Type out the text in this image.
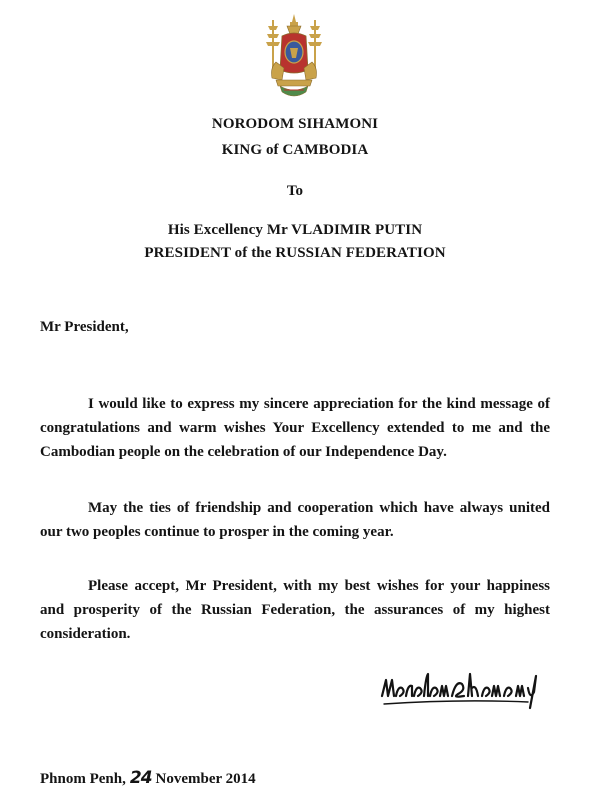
NORODOM SIHAMONI
KING of CAMBODIA
To
His Excellency Mr VLADIMIR PUTIN
PRESIDENT of the RUSSIAN FEDERATION
Mr President,

I would like to express my sincere appreciation for the kind message of congratulations and warm wishes Your Excellency extended to me and the Cambodian people on the celebration of our Independence Day.

May the ties of friendship and cooperation which have always united our two peoples continue to prosper in the coming year.

Please accept, Mr President, with my best wishes for your happiness and prosperity of the Russian Federation, the assurances of my highest consideration.

Phnom Penh, 24 November 2014
